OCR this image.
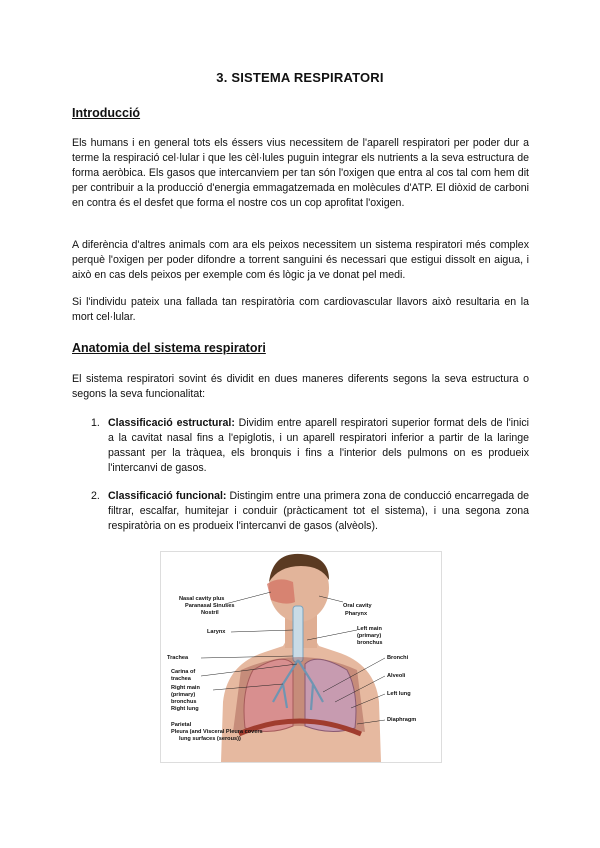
3. SISTEMA RESPIRATORI
Introducció
Els humans i en general tots els éssers vius necessitem de l'aparell respiratori per poder dur a terme la respiració cel·lular i que les cèl·lules puguin integrar els nutrients a la seva estructura de forma aeròbica. Els gasos que intercanviem per tan són l'oxigen que entra al cos tal com hem dit per contribuir a la producció d'energia emmagatzemada en molècules d'ATP. El diòxid de carboni en contra és el desfet que forma el nostre cos un cop aprofitat l'oxigen.
A diferència d'altres animals com ara els peixos necessitem un sistema respiratori més complex perquè l'oxigen per poder difondre a torrent sanguini és necessari que estigui dissolt en aigua, i això en cas dels peixos per exemple com és lògic ja ve donat pel medi.
Si l'individu pateix una fallada tan respiratòria com cardiovascular llavors això resultaria en la mort cel·lular.
Anatomia del sistema respiratori
El sistema respiratori sovint és dividit en dues maneres diferents segons la seva estructura o segons la seva funcionalitat:
1. Classificació estructural: Dividim entre aparell respiratori superior format dels de l'inici a la cavitat nasal fins a l'epiglotis, i un aparell respiratori inferior a partir de la laringe passant per la tràquea, els bronquis i fins a l'interior dels pulmons on es produeix l'intercanvi de gasos.
2. Classificació funcional: Distingim entre una primera zona de conducció encarregada de filtrar, escalfar, humitejar i conduir (pràcticament tot el sistema), i una segona zona respiratòria on es produeix l'intercanvi de gasos (alvèols).
Nasal cavity plus
Paranasal Sinuses
Nostril
Larynx
Oral cavity
Pharynx
Left main
(primary)
bronchus
Trachea
Carina of
trachea
Right main
(primary)
bronchus
Right lung
Bronchi
Alveoli
Left lung
Diaphragm
Parietal
Pleura (and Visceral Pleura covers
lung surfaces (serous))
